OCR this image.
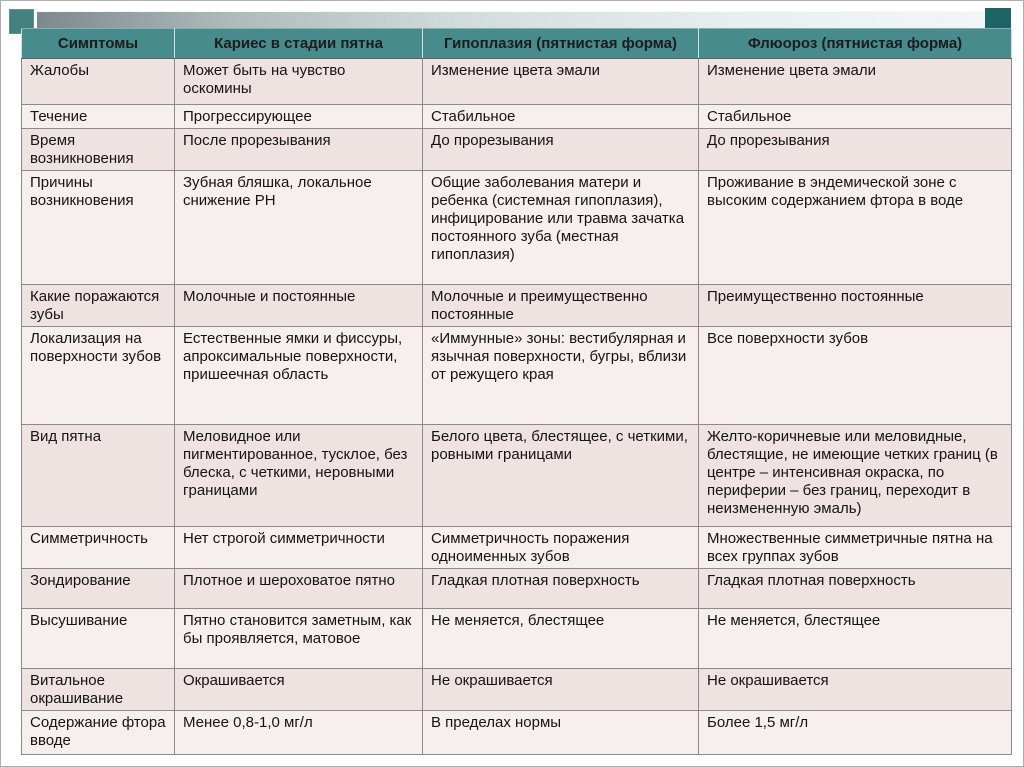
Симптомы	Кариес в стадии пятна	Гипоплазия (пятнистая форма)	Флюороз (пятнистая форма)
Жалобы	Может быть на чувство оскомины	Изменение цвета эмали	Изменение цвета эмали
Течение	Прогрессирующее	Стабильное	Стабильное
Время возникновения	После прорезывания	До прорезывания	До прорезывания
Причины возникновения	Зубная бляшка, локальное снижение PH	Общие заболевания матери и ребенка (системная гипоплазия), инфицирование или травма зачатка постоянного зуба (местная гипоплазия)	Проживание в эндемической зоне с высоким содержанием фтора в воде
Какие поражаются зубы	Молочные и постоянные	Молочные и преимущественно постоянные	Преимущественно постоянные
Локализация на поверхности зубов	Естественные ямки и фиссуры, апроксимальные поверхности, пришеечная область	«Иммунные» зоны: вестибулярная и язычная поверхности, бугры, вблизи от режущего края	Все поверхности зубов
Вид пятна	Меловидное или пигментированное, тусклое, без блеска, с четкими, неровными границами	Белого цвета, блестящее, с четкими, ровными границами	Желто-коричневые или меловидные, блестящие, не имеющие четких границ (в центре – интенсивная окраска, по периферии – без границ, переходит в неизмененную эмаль)
Симметричность	Нет строгой симметричности	Симметричность поражения одноименных зубов	Множественные симметричные пятна на всех группах зубов
Зондирование	Плотное и шероховатое пятно	Гладкая плотная поверхность	Гладкая плотная поверхность
Высушивание	Пятно становится заметным, как бы проявляется, матовое	Не меняется, блестящее	Не меняется, блестящее
Витальное окрашивание	Окрашивается	Не окрашивается	Не окрашивается
Содержание фтора вводе	Менее 0,8-1,0 мг/л	В пределах нормы	Более 1,5 мг/л
